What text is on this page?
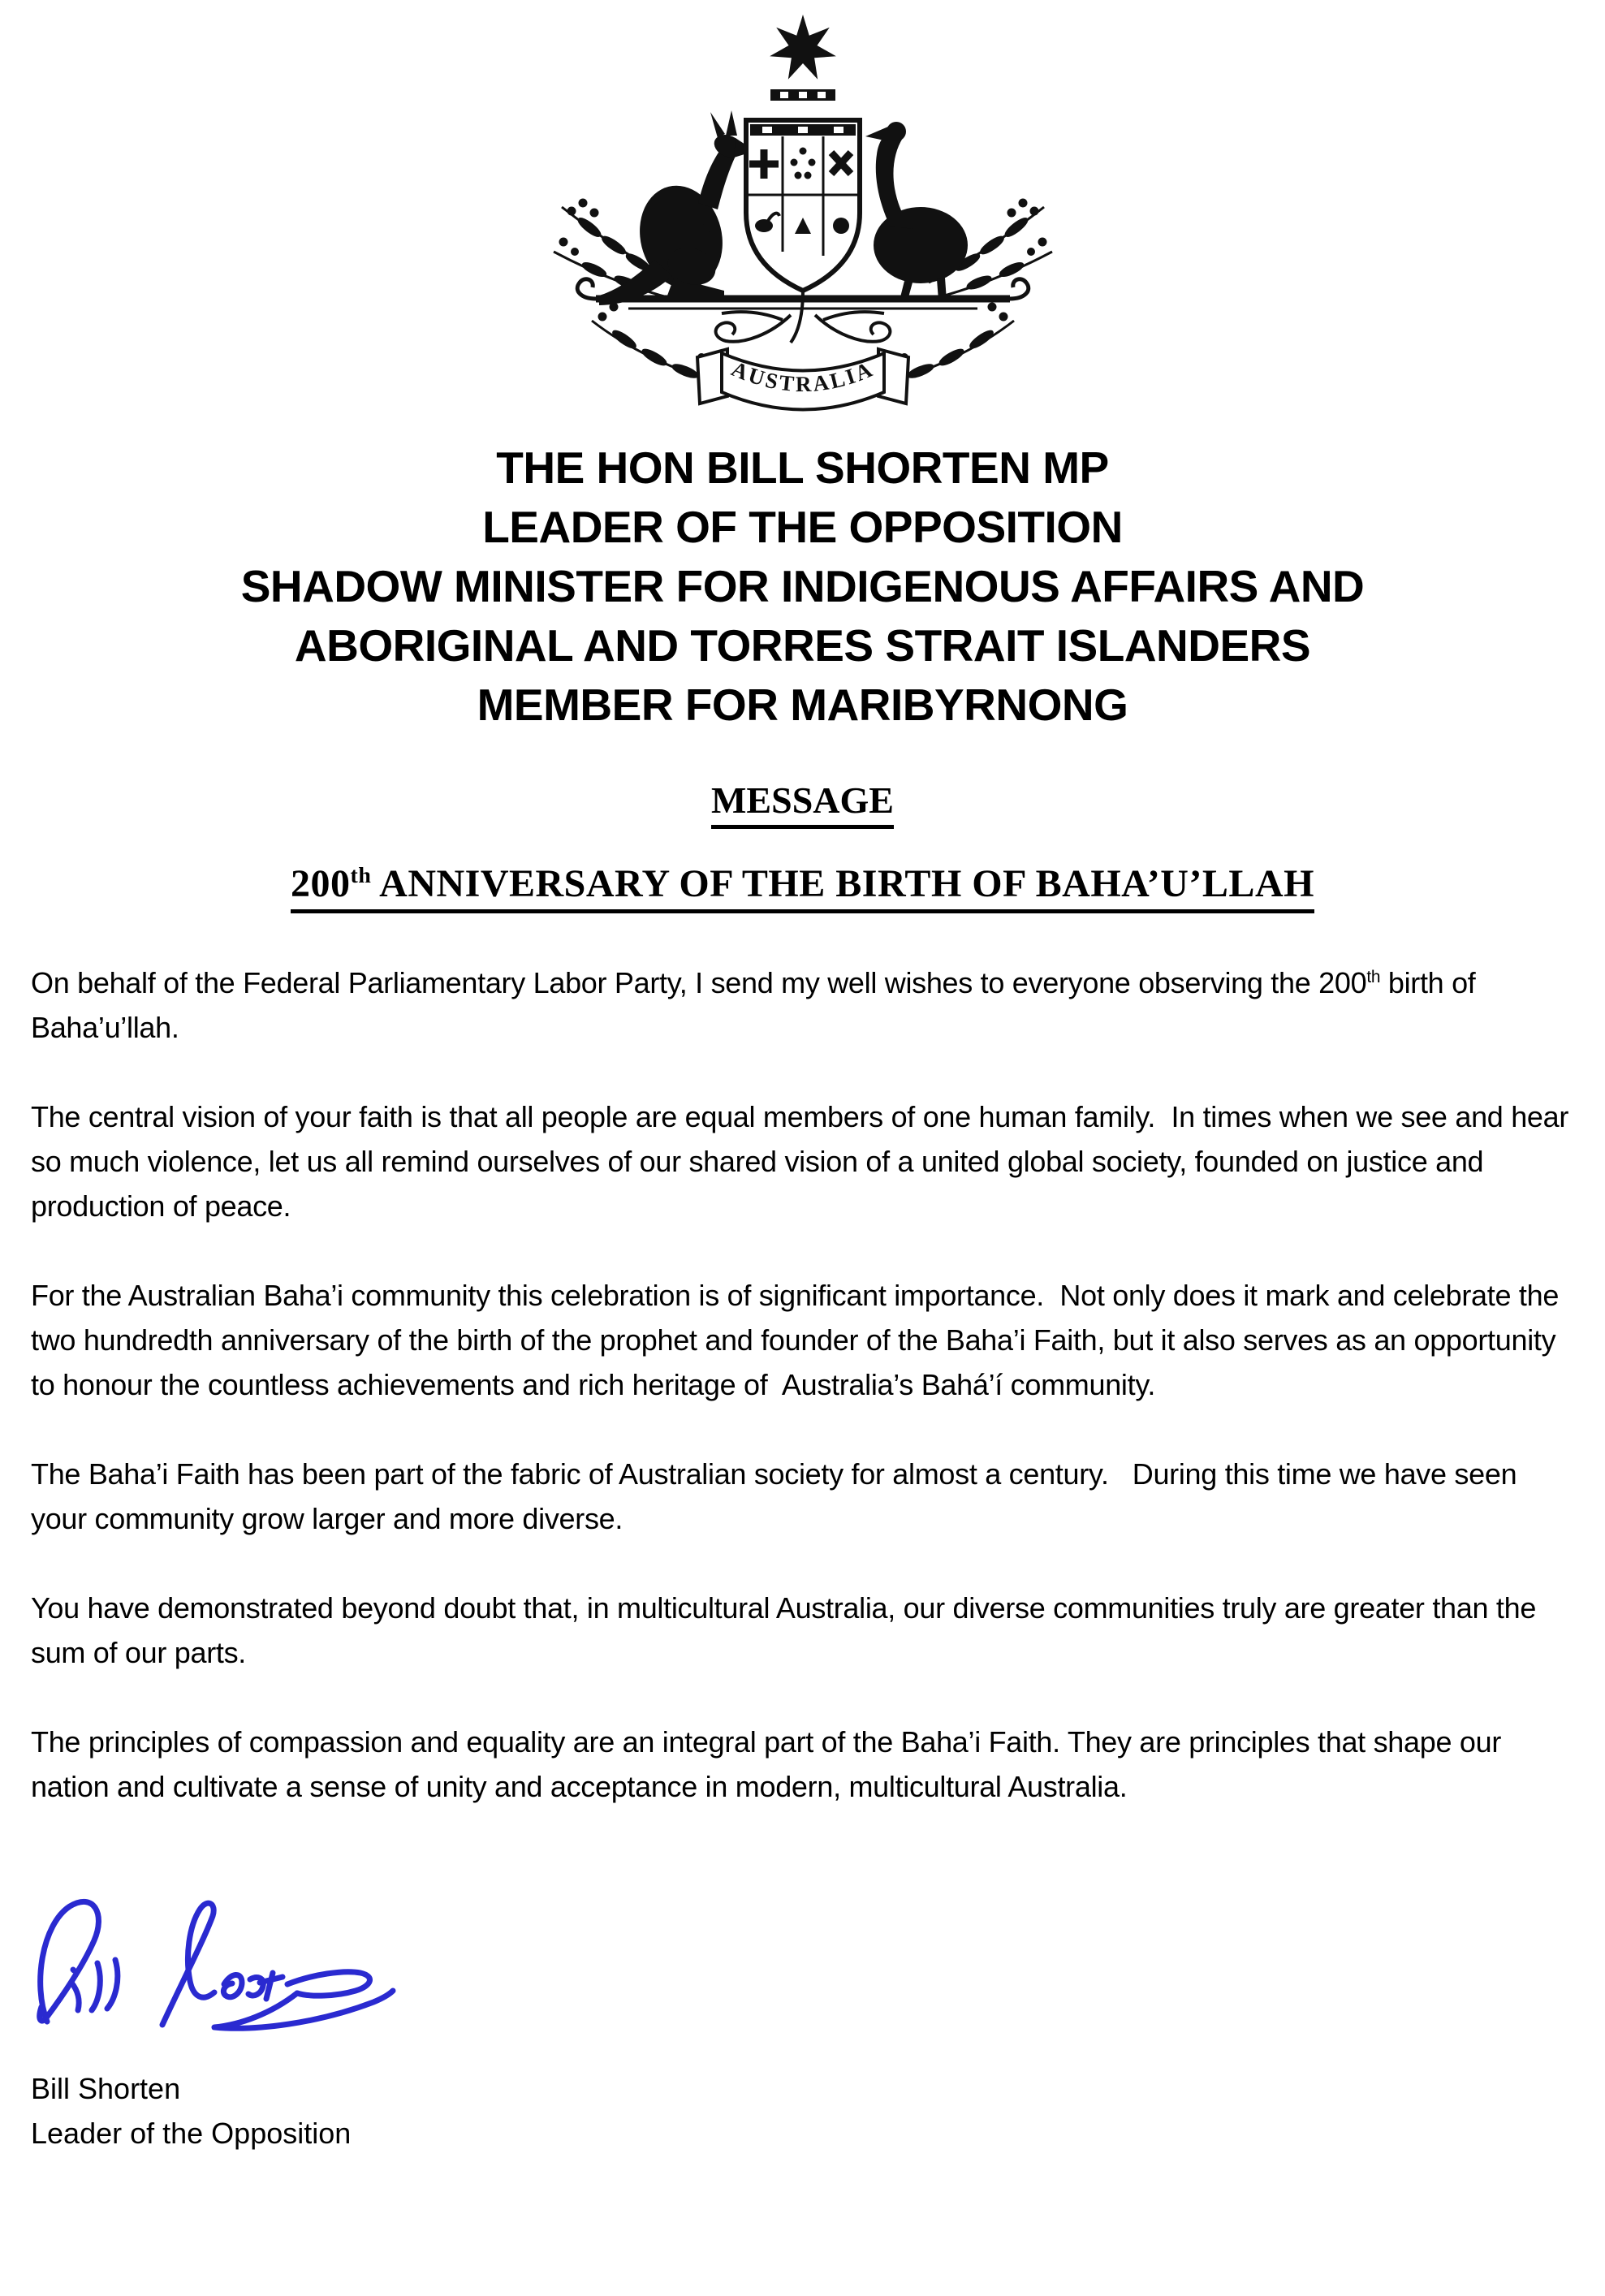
AUSTRALIA
THE HON BILL SHORTEN MP
LEADER OF THE OPPOSITION
SHADOW MINISTER FOR INDIGENOUS AFFAIRS AND
ABORIGINAL AND TORRES STRAIT ISLANDERS
MEMBER FOR MARIBYRNONG
MESSAGE
200th ANNIVERSARY OF THE BIRTH OF BAHA’U’LLAH

On behalf of the Federal Parliamentary Labor Party, I send my well wishes to everyone observing the 200th birth of Baha’u’llah.

The central vision of your faith is that all people are equal members of one human family.  In times when we see and hear so much violence, let us all remind ourselves of our shared vision of a united global society, founded on justice and production of peace.

For the Australian Baha’i community this celebration is of significant importance.  Not only does it mark and celebrate the two hundredth anniversary of the birth of the prophet and founder of the Baha’i Faith, but it also serves as an opportunity to honour the countless achievements and rich heritage of  Australia’s Bahá’í community.

The Baha’i Faith has been part of the fabric of Australian society for almost a century.   During this time we have seen your community grow larger and more diverse.

You have demonstrated beyond doubt that, in multicultural Australia, our diverse communities truly are greater than the sum of our parts.

The principles of compassion and equality are an integral part of the Baha’i Faith. They are principles that shape our nation and cultivate a sense of unity and acceptance in modern, multicultural Australia.

Bill Shorten
Leader of the Opposition
